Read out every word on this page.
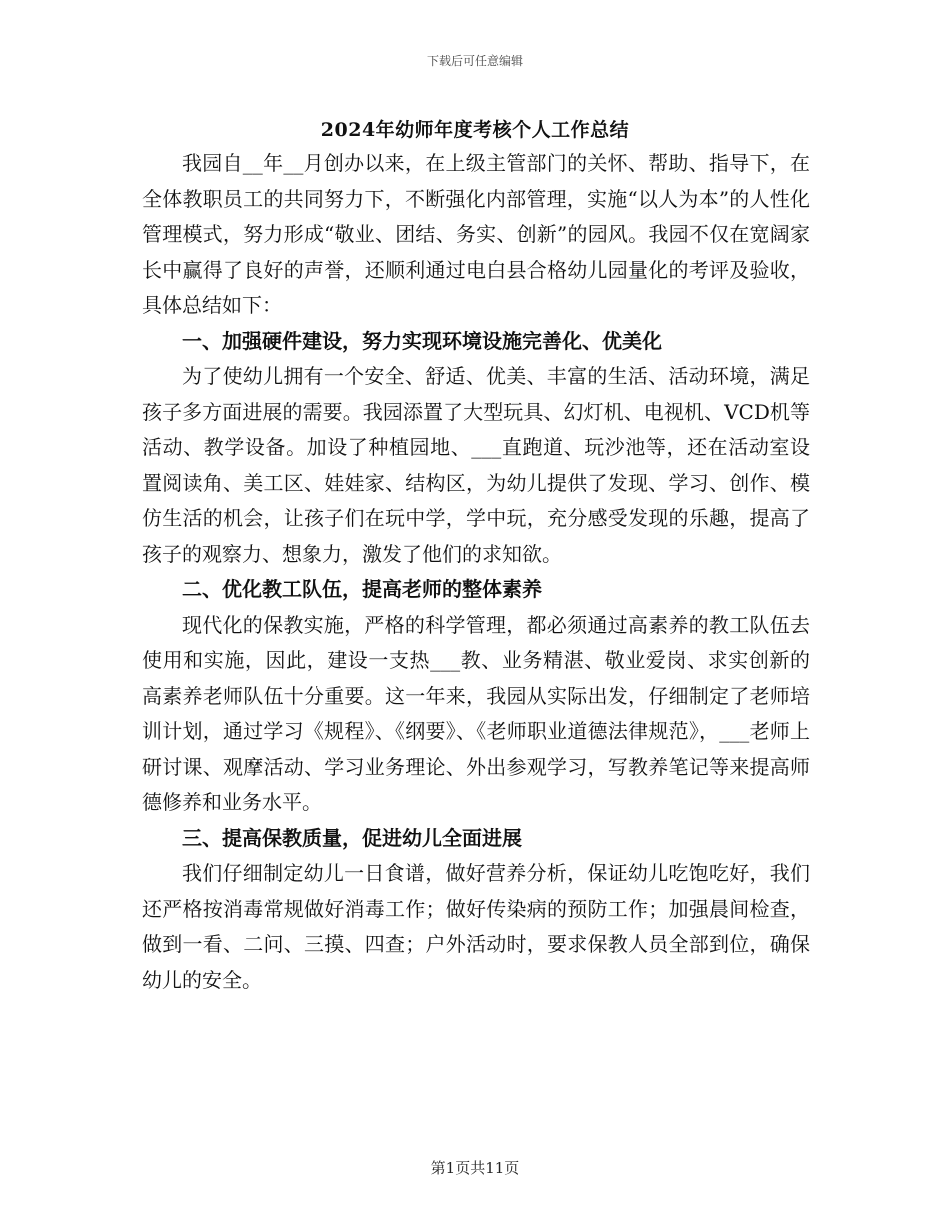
下载后可任意编辑
2024年幼师年度考核个人工作总结

我园自__年__月创办以来，在上级主管部门的关怀、帮助、指导下，在全体教职员工的共同努力下，不断强化内部管理，实施“以人为本”的人性化管理模式，努力形成“敬业、团结、务实、创新”的园风。我园不仅在宽阔家长中赢得了良好的声誉，还顺利通过电白县合格幼儿园量化的考评及验收，具体总结如下：

一、加强硬件建设，努力实现环境设施完善化、优美化

为了使幼儿拥有一个安全、舒适、优美、丰富的生活、活动环境，满足孩子多方面进展的需要。我园添置了大型玩具、幻灯机、电视机、VCD机等活动、教学设备。加设了种植园地、___直跑道、玩沙池等，还在活动室设置阅读角、美工区、娃娃家、结构区，为幼儿提供了发现、学习、创作、模仿生活的机会，让孩子们在玩中学，学中玩，充分感受发现的乐趣，提高了孩子的观察力、想象力，激发了他们的求知欲。

二、优化教工队伍，提高老师的整体素养

现代化的保教实施，严格的科学管理，都必须通过高素养的教工队伍去使用和实施，因此，建设一支热___教、业务精湛、敬业爱岗、求实创新的高素养老师队伍十分重要。这一年来，我园从实际出发，仔细制定了老师培训计划，通过学习《规程》、《纲要》、《老师职业道德法律规范》，___老师上研讨课、观摩活动、学习业务理论、外出参观学习，写教养笔记等来提高师德修养和业务水平。

三、提高保教质量，促进幼儿全面进展

我们仔细制定幼儿一日食谱，做好营养分析，保证幼儿吃饱吃好，我们还严格按消毒常规做好消毒工作；做好传染病的预防工作；加强晨间检查，做到一看、二问、三摸、四查；户外活动时，要求保教人员全部到位，确保幼儿的安全。

第1页共11页
